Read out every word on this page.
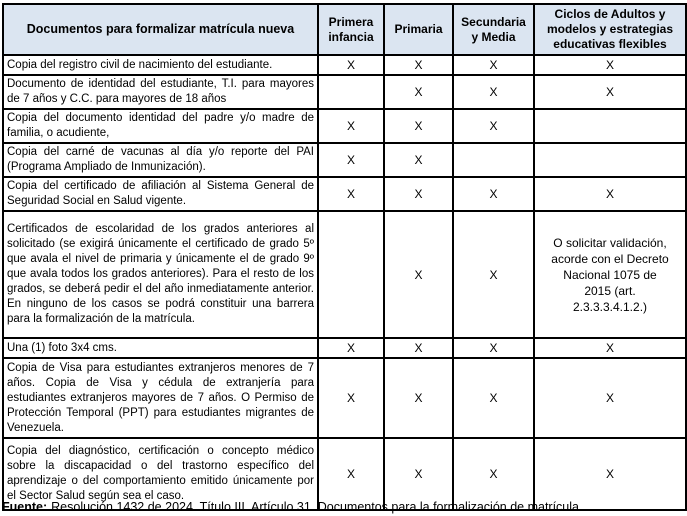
Documentos para formalizar matrícula nueva	Primera infancia	Primaria	Secundaria y Media	Ciclos de Adultos y modelos y estrategias educativas flexibles
Copia del registro civil de nacimiento del estudiante.	X	X	X	X
Documento de identidad del estudiante, T.I. para mayores de 7 años y C.C. para mayores de 18 años		X	X	X
Copia del documento identidad del padre y/o madre de familia, o acudiente,	X	X	X	
Copia del carné de vacunas al día y/o reporte del PAI (Programa Ampliado de Inmunización).	X	X		
Copia del certificado de afiliación al Sistema General de Seguridad Social en Salud vigente.	X	X	X	X
Certificados de escolaridad de los grados anteriores al solicitado (se exigirá únicamente el certificado de grado 5º que avala el nivel de primaria y únicamente el de grado 9º que avala todos los grados anteriores). Para el resto de los grados, se deberá pedir el del año inmediatamente anterior. En ninguno de los casos se podrá constituir una barrera para la formalización de la matrícula.		X	X	O solicitar validación, acorde con el Decreto Nacional 1075 de 2015 (art. 2.3.3.3.4.1.2.)
Una (1) foto 3x4 cms.	X	X	X	X
Copia de Visa para estudiantes extranjeros menores de 7 años. Copia de Visa y cédula de extranjería para estudiantes extranjeros mayores de 7 años. O Permiso de Protección Temporal (PPT) para estudiantes migrantes de Venezuela.	X	X	X	X
Copia del diagnóstico, certificación o concepto médico sobre la discapacidad o del trastorno específico del aprendizaje o del comportamiento emitido únicamente por el Sector Salud según sea el caso.	X	X	X	X

Fuente: Resolución 1432 de 2024. Título III. Artículo 31. Documentos para la formalización de matrícula.
